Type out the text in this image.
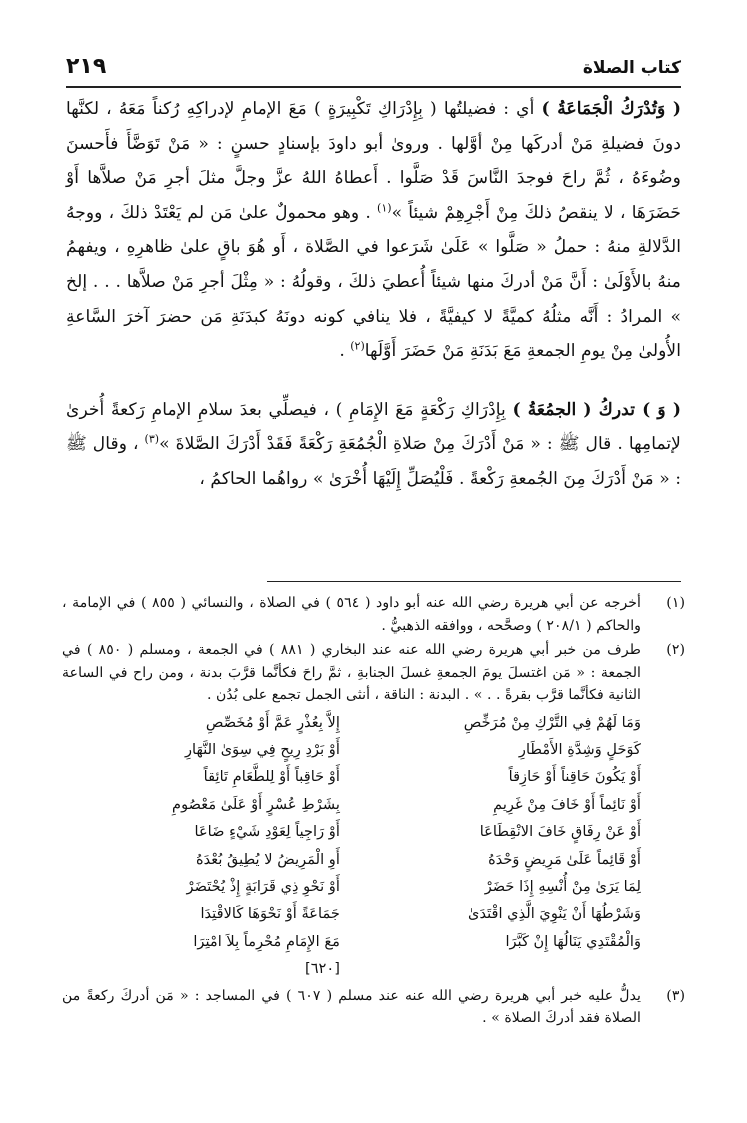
كتاب الصلاة
٢١٩

( وَتُدْرَكُ الْجَمَاعَةُ ) أي : فضيلتُها ( بِإِدْرَاكِ تَكْبِيرَةٍ ) مَعَ الإمامِ لإدراكِهِ رُكناً مَعَهُ ، لكنَّها دونَ فضيلةِ مَنْ أدركَها مِنْ أوَّلها . وروىٰ أبو داودَ بإسنادٍ حسنٍ : « مَنْ تَوَضَّأَ فأَحسنَ وضُوءَهُ ، ثُمَّ راحَ فوجدَ النَّاسَ قَدْ صَلَّوا . أَعطاهُ اللهُ عزَّ وجلَّ مثلَ أجرِ مَنْ صلاَّها أَوْ حَضَرَهَا ، لا ينقصُ ذلكَ مِنْ أَجْرِهِمْ شيئاً »$^{(١)}$ . وهو محمولٌ علىٰ مَن لم يَعْتَدْ ذلكَ ، ووجهُ الدَّلالةِ منهُ : حملُ « صَلَّوا » عَلَىٰ شَرَعوا في الصَّلاة ، أَو هُوَ باقٍ علىٰ ظاهرِهِ ، ويفهمُ منهُ بالأَوْلَىٰ : أَنَّ مَنْ أدركَ منها شيئاً أُعطيَ ذلكَ ، وقولُهُ : « مِثْلَ أجرِ مَنْ صلاَّها . . . إلخ » المرادُ : أَنَّه مثلُهُ كميَّةً لا كيفيَّةً ، فلا ينافي كونه دونَهُ كبدَنَةِ مَن حضرَ آخرَ السَّاعةِ الأُولىٰ مِنْ يومِ الجمعةِ مَعَ بَدَنَةِ مَنْ حَضَرَ أَوَّلَها$^{(٢)}$ .

( وَ ) تدركُ ( الجمُعَةُ ) بِإِدْرَاكِ رَكْعَةٍ مَعَ الإِمَامِ ) ، فيصلِّي بعدَ سلامِ الإمامِ رَكعةً أُخرىٰ لإتمامِها . قال ﷺ : « مَنْ أَدْرَكَ مِنْ صَلاةِ الْجُمُعَةِ رَكْعَةً فَقَدْ أَدْرَكَ الصَّلاةَ »$^{(٣)}$ ، وقال ﷺ : « مَنْ أَدْرَكَ مِنَ الجُمعةِ رَكْعةً . فَلْيُصَلِّ إِلَيْهَا أُخْرَىٰ » رواهُما الحاكمُ ،

(١)
أخرجه عن أبي هريرة رضي الله عنه أبو داود ( ٥٦٤ ) في الصلاة ، والنسائي ( ٨٥٥ ) في الإمامة ، والحاكم ( ٢٠٨/١ ) وصحَّحه ، ووافقه الذهبيُّ .

(٢)
طرف من خبر أبي هريرة رضي الله عنه عند البخاري ( ٨٨١ ) في الجمعة ، ومسلم ( ٨٥٠ ) في الجمعة : « مَن اغتسلَ يومَ الجمعةِ غسلَ الجنابةِ ، ثمَّ راحَ فكأنَّما قرَّبَ بدنة ، ومن راح في الساعة الثانية فكأنَّما قرَّب بقرةً . . » . البدنة : الناقة ، أنثى الجمل تجمع على بُدُن .

وَمَا لَهُمْ فِي التَّرْكِ مِنْ مُرَخِّصِ
إِلاَّ بِعُذْرٍ عَمَّ أَوْ مُخَصِّصِ
كَوَحَلٍ وَشِدَّةِ الأَمْطَارِ
أَوْ بَرْدِ رِيحٍ فِي سِوَىٰ النَّهَارِ
أَوْ يَكُونَ حَاقِناً أَوْ حَازِقاً
أَوْ حَاقِباً أَوْ لِلطَّعَامِ تَائِقاً
أَوْ نَائِماً أَوْ خَافَ مِنْ غَرِيمِ
بِشَرْطِ عُسْرٍ أَوْ عَلَىٰ مَعْصُومِ
أَوْ عَنْ رِفَاقٍ خَافَ الانْقِطَاعَا
أَوْ رَاجِياً لِعَوْدِ شَيْءٍ ضَاعَا
أَوْ قَائِماً عَلَىٰ مَرِيضٍ وَحْدَهُ
أَوِ الْمَرِيضُ لا يُطِيقُ بُعْدَهُ
لِمَا يَرَىٰ مِنْ أُنْسِهِ إِذَا حَضَرْ
أَوْ نَحْوِ ذِي قَرَابَةٍ إِذْ يُحْتَضَرْ
وَشَرْطُهَا أَنْ يَنْوِيَ الَّذِي اقْتَدَىٰ
جَمَاعَةً أَوْ نَحْوَهَا كَالاقْتِدَا
وَالْمُقْتَدِي يَنَالُهَا إِنْ كَبَّرَا
مَعَ الإِمَامِ مُحْرِماً بِلاَ امْتِرَا
[٦٢٠]

(٣)
يدلُّ عليه خبر أبي هريرة رضي الله عنه عند مسلم ( ٦٠٧ ) في المساجد : « مَن أدركَ ركعةً من الصلاة فقد أدركَ الصلاة » .
